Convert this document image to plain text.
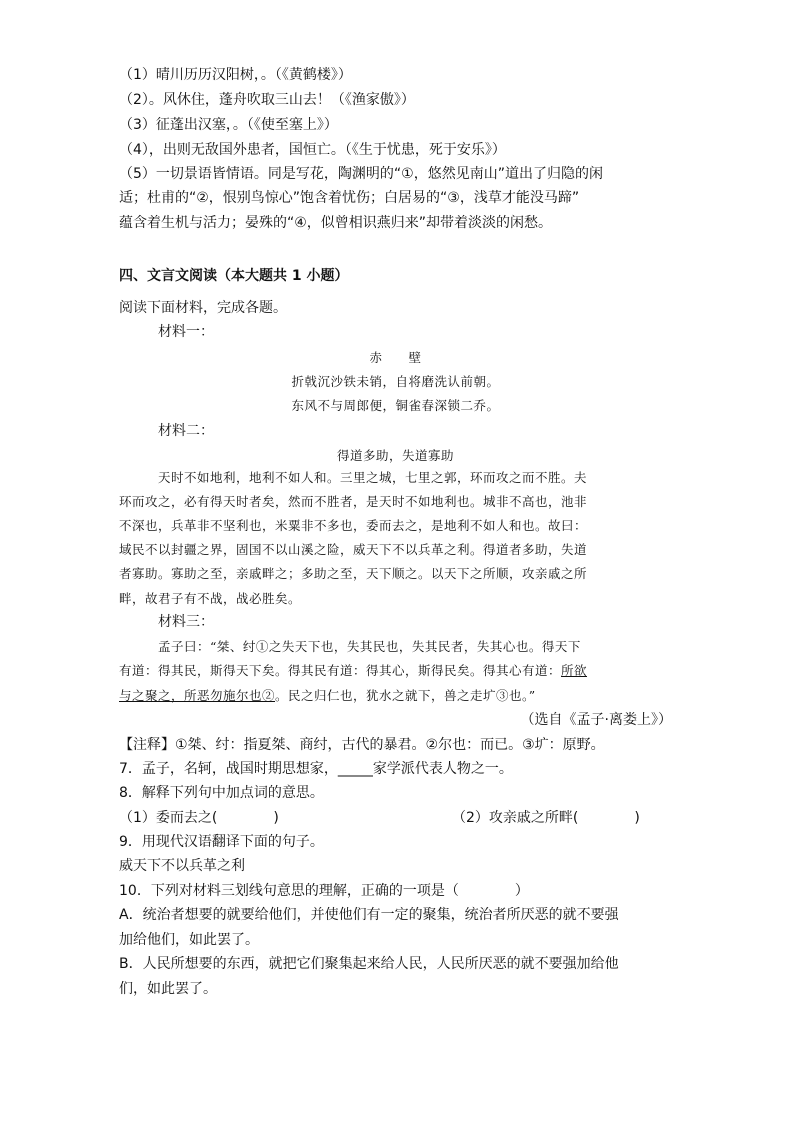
（1）晴川历历汉阳树，。（《黄鹤楼》）
（2）。风休住，蓬舟吹取三山去！（《渔家傲》）
（3）征蓬出汉塞，。（《使至塞上》）
（4），出则无敌国外患者，国恒亡。（《生于忧患，死于安乐》）
（5）一切景语皆情语。同是写花，陶渊明的“①，悠然见南山”道出了归隐的闲
适；杜甫的“②，恨别鸟惊心”饱含着忧伤；白居易的“③，浅草才能没马蹄”
蕴含着生机与活力；晏殊的“④，似曾相识燕归来”却带着淡淡的闲愁。
四、文言文阅读（本大题共 1 小题）
阅读下面材料，完成各题。
材料一：
赤　　壁
折戟沉沙铁未销，自将磨洗认前朝。
东风不与周郎便，铜雀春深锁二乔。
材料二：
得道多助，失道寡助
天时不如地利，地利不如人和。三里之城，七里之郭，环而攻之而不胜。夫
环而攻之，必有得天时者矣，然而不胜者，是天时不如地利也。城非不高也，池非
不深也，兵革非不坚利也，米粟非不多也，委而去之，是地利不如人和也。故曰：
域民不以封疆之界，固国不以山溪之险，威天下不以兵革之利。得道者多助，失道
者寡助。寡助之至，亲戚畔之；多助之至，天下顺之。以天下之所顺，攻亲戚之所
畔，故君子有不战，战必胜矣。
材料三：
孟子曰：“桀、纣①之失天下也，失其民也，失其民者，失其心也。得天下
有道：得其民，斯得天下矣。得其民有道：得其心，斯得民矣。得其心有道：所欲
与之聚之，所恶勿施尔也②。民之归仁也，犹水之就下，兽之走圹③也。”
（选自《孟子·离娄上》）
【注释】①桀、纣：指夏桀、商纣，古代的暴君。②尔也：而已。③圹：原野。
7．孟子，名轲，战国时期思想家，_____家学派代表人物之一。
8．解释下列句中加点词的意思。
（1）委而去之(　　　　)	（2）攻亲戚之所畔(　　　　)
9．用现代汉语翻译下面的句子。
威天下不以兵革之利
10．下列对材料三划线句意思的理解，正确的一项是（　　　　）
A．统治者想要的就要给他们，并使他们有一定的聚集，统治者所厌恶的就不要强
加给他们，如此罢了。
B．人民所想要的东西，就把它们聚集起来给人民，人民所厌恶的就不要强加给他
们，如此罢了。
